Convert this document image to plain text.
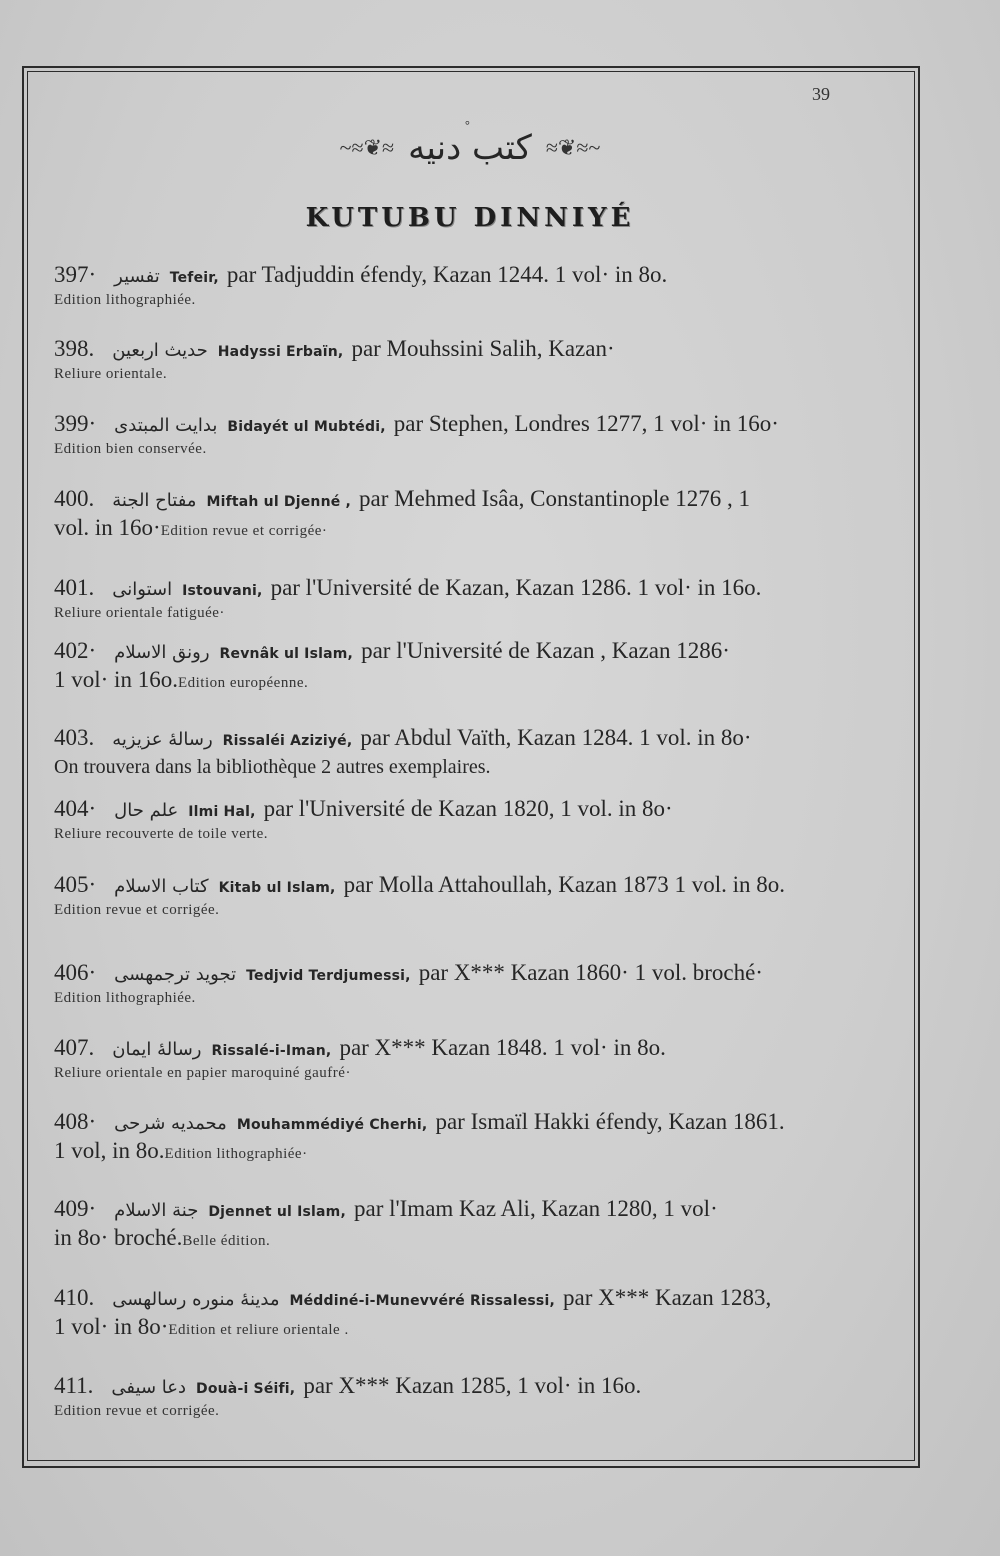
39
°
~≈❦≈ كتب دنيه ≈❦≈~
KUTUBU DINNIYÉ
397· تفسير Tefeir, par Tadjuddin éfendy, Kazan 1244. 1 vol· in 8o.
Edition lithographiée.
398. حديث اربعين Hadyssi Erbaïn, par Mouhssini Salih, Kazan·
Reliure orientale.
399· بدايت المبتدى Bidayét ul Mubtédi, par Stephen, Londres 1277, 1 vol· in 16o·
Edition bien conservée.
400. مفتاح الجنة Miftah ul Djenné , par Mehmed Isâa, Constantinople 1276 , 1
vol. in 16o·Edition revue et corrigée·
401. استوانی Istouvani, par l'Université de Kazan, Kazan 1286. 1 vol· in 16o.
Reliure orientale fatiguée·
402· رونق الاسلام Revnâk ul Islam, par l'Université de Kazan , Kazan 1286·
1 vol· in 16o.Edition européenne.
403. رسالهٔ عزيزيه Rissaléi Aziziyé, par Abdul Vaïth, Kazan 1284. 1 vol. in 8o·
On trouvera dans la bibliothèque 2 autres exemplaires.
404· علم حال Ilmi Hal, par l'Université de Kazan 1820, 1 vol. in 8o·
Reliure recouverte de toile verte.
405· كتاب الاسلام Kitab ul Islam, par Molla Attahoullah, Kazan 1873 1 vol. in 8o.
Edition revue et corrigée.
406· تجويد ترجمهسى Tedjvid Terdjumessi, par X*** Kazan 1860· 1 vol. broché·
Edition lithographiée.
407. رسالهٔ ايمان Rissalé-i-Iman, par X*** Kazan 1848. 1 vol· in 8o.
Reliure orientale en papier maroquiné gaufré·
408· محمديه شرحى Mouhammédiyé Cherhi, par Ismaïl Hakki éfendy, Kazan 1861.
1 vol, in 8o.Edition lithographiée·
409· جنة الاسلام Djennet ul Islam, par l'Imam Kaz Ali, Kazan 1280, 1 vol·
in 8o· broché.Belle édition.
410. مدينهٔ منوره رسالهسى Méddiné-i-Munevvéré Rissalessi, par X*** Kazan 1283,
1 vol· in 8o·Edition et reliure orientale .
411. دعا سيفى Douà-i Séifi, par X*** Kazan 1285, 1 vol· in 16o.
Edition revue et corrigée.
